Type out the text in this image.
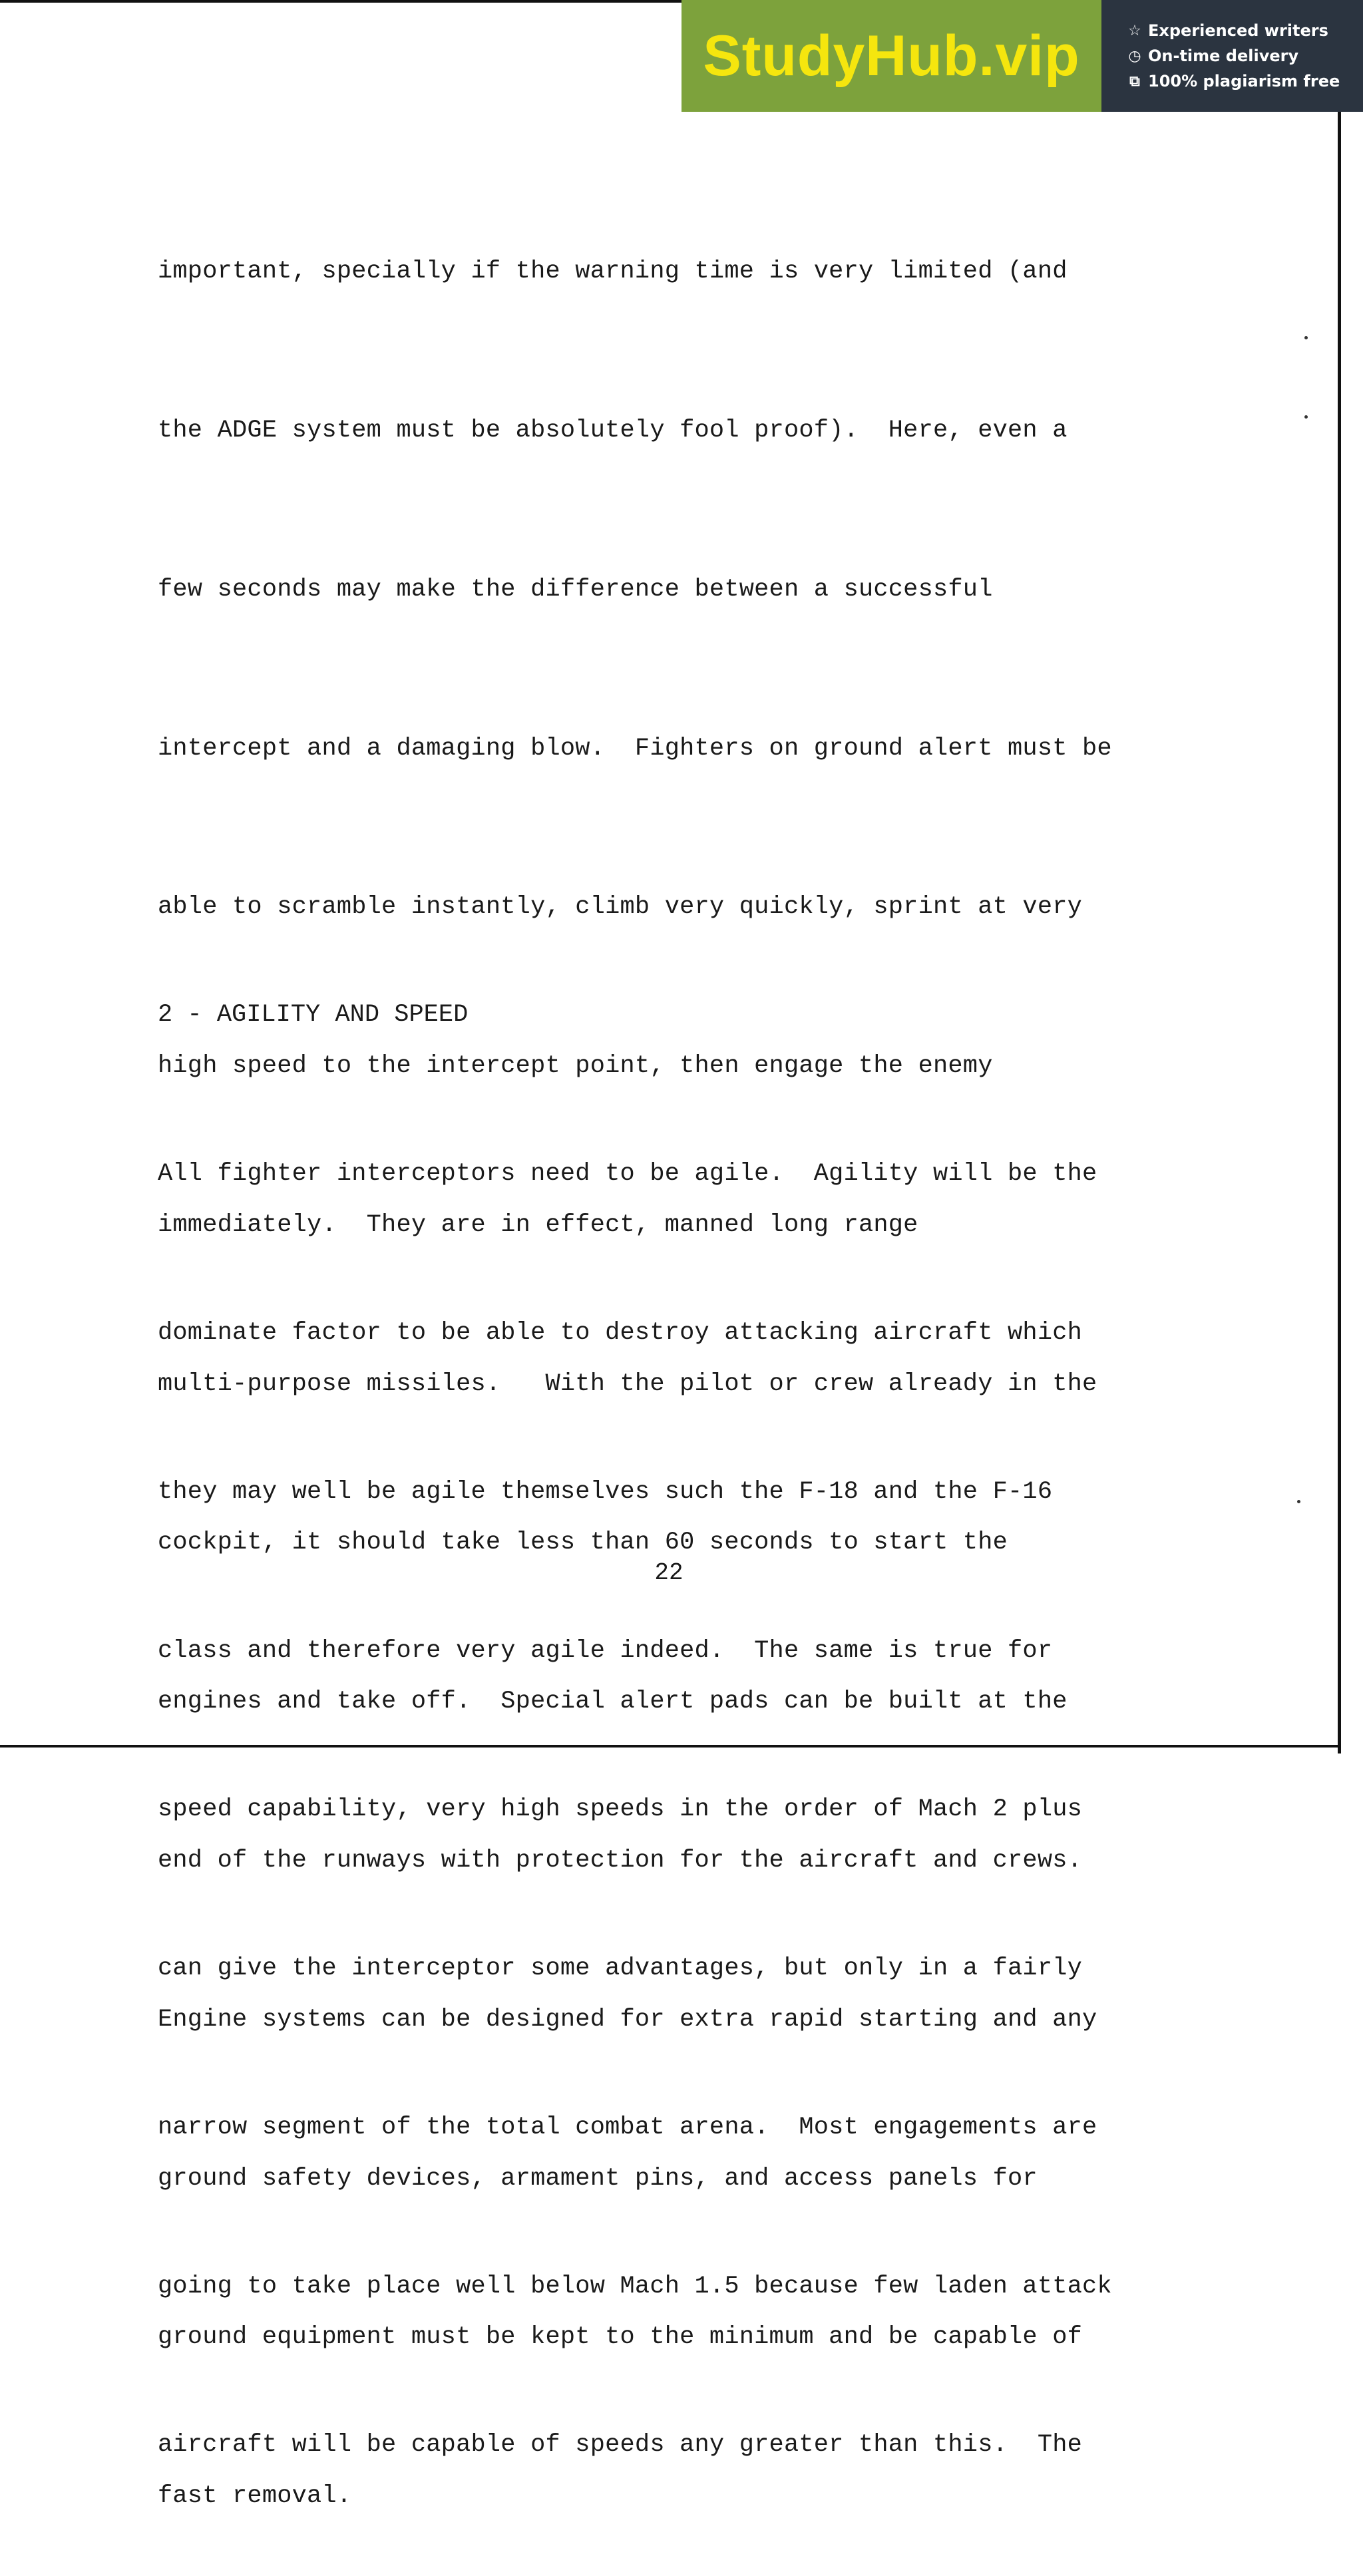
StudyHub.vip	☆ Experienced writers
◷ On-time delivery
⧉ 100% plagiarism free

important, specially if the warning time is very limited (and

the ADGE system must be absolutely fool proof).  Here, even a

few seconds may make the difference between a successful

intercept and a damaging blow.  Fighters on ground alert must be

able to scramble instantly, climb very quickly, sprint at very

high speed to the intercept point, then engage the enemy

immediately.  They are in effect, manned long range

multi-purpose missiles.   With the pilot or crew already in the

cockpit, it should take less than 60 seconds to start the

engines and take off.  Special alert pads can be built at the

end of the runways with protection for the aircraft and crews.

Engine systems can be designed for extra rapid starting and any

ground safety devices, armament pins, and access panels for

ground equipment must be kept to the minimum and be capable of

fast removal.

2 - AGILITY AND SPEED

All fighter interceptors need to be agile.  Agility will be the

dominate factor to be able to destroy attacking aircraft which

they may well be agile themselves such the F-18 and the F-16

class and therefore very agile indeed.  The same is true for

speed capability, very high speeds in the order of Mach 2 plus

can give the interceptor some advantages, but only in a fairly

narrow segment of the total combat arena.  Most engagements are

going to take place well below Mach 1.5 because few laden attack

aircraft will be capable of speeds any greater than this.  The

22
